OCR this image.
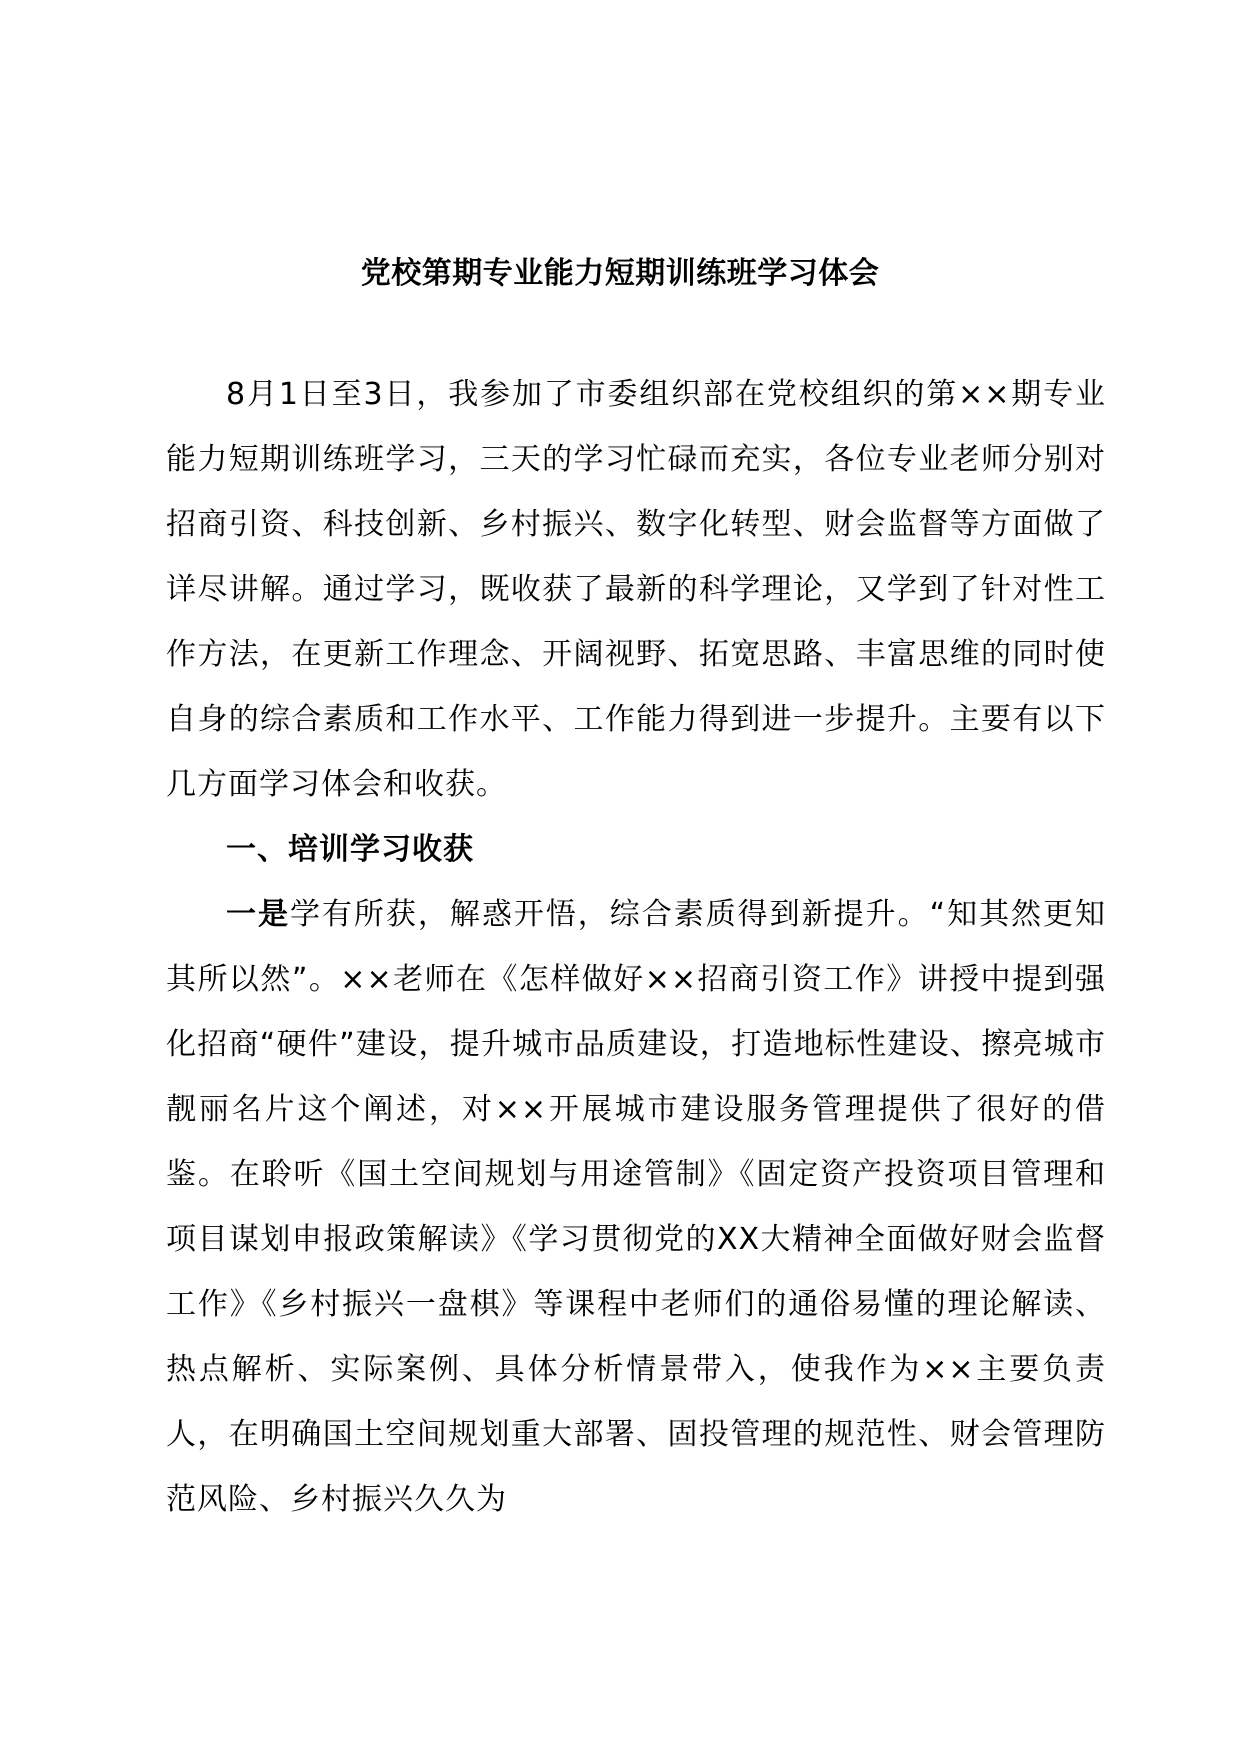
党校第期专业能力短期训练班学习体会

8月1日至3日，我参加了市委组织部在党校组织的第××期专业能力短期训练班学习，三天的学习忙碌而充实，各位专业老师分别对招商引资、科技创新、乡村振兴、数字化转型、财会监督等方面做了详尽讲解。通过学习，既收获了最新的科学理论，又学到了针对性工作方法，在更新工作理念、开阔视野、拓宽思路、丰富思维的同时使自身的综合素质和工作水平、工作能力得到进一步提升。主要有以下几方面学习体会和收获。

一、培训学习收获

一是学有所获，解惑开悟，综合素质得到新提升。“知其然更知其所以然”。××老师在《怎样做好××招商引资工作》讲授中提到强化招商“硬件”建设，提升城市品质建设，打造地标性建设、擦亮城市靓丽名片这个阐述，对××开展城市建设服务管理提供了很好的借鉴。在聆听《国土空间规划与用途管制》《固定资产投资项目管理和项目谋划申报政策解读》《学习贯彻党的XX大精神全面做好财会监督工作》《乡村振兴一盘棋》等课程中老师们的通俗易懂的理论解读、热点解析、实际案例、具体分析情景带入，使我作为××主要负责人，在明确国土空间规划重大部署、固投管理的规范性、财会管理防范风险、乡村振兴久久为
